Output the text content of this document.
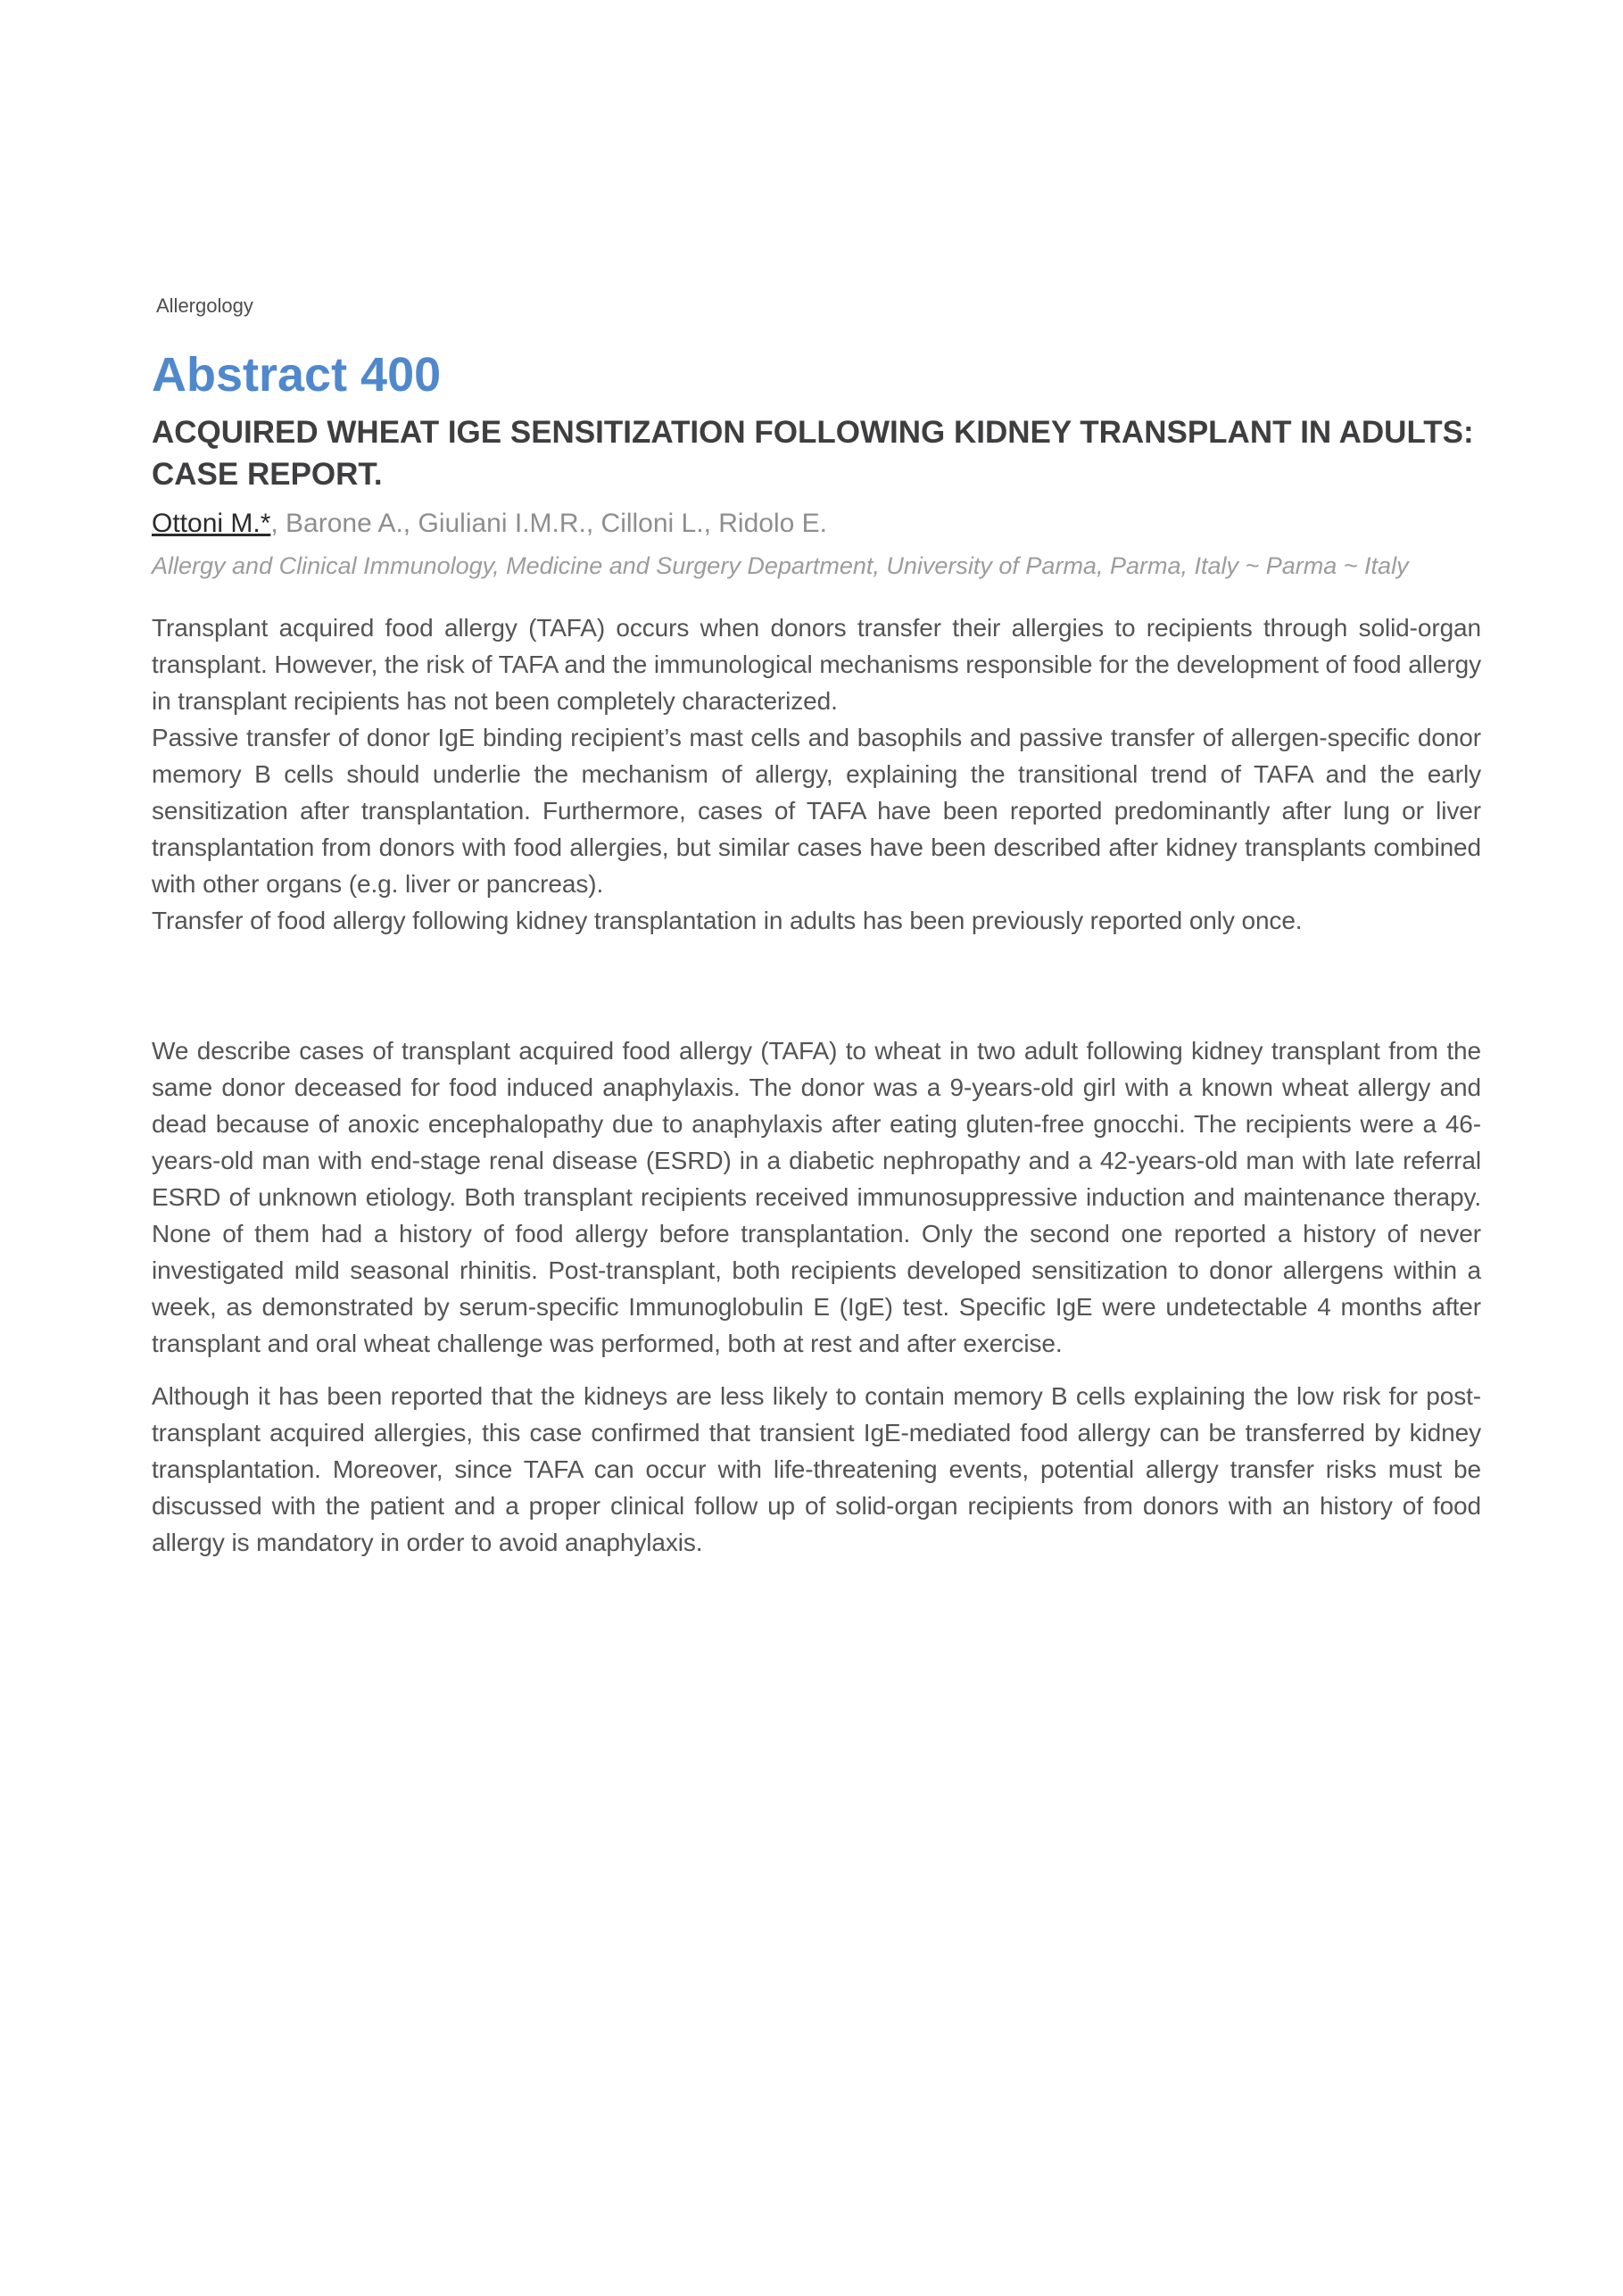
Allergology
Abstract 400
ACQUIRED WHEAT IGE SENSITIZATION FOLLOWING KIDNEY TRANSPLANT IN ADULTS:
CASE REPORT.

Ottoni M.*, Barone A., Giuliani I.M.R., Cilloni L., Ridolo E.

Allergy and Clinical Immunology, Medicine and Surgery Department, University of Parma, Parma, Italy ~ Parma ~ Italy

Transplant acquired food allergy (TAFA) occurs when donors transfer their allergies to recipients through solid-organ transplant. However, the risk of TAFA and the immunological mechanisms responsible for the development of food allergy in transplant recipients has not been completely characterized.

Passive transfer of donor IgE binding recipient’s mast cells and basophils and passive transfer of allergen-specific donor memory B cells should underlie the mechanism of allergy, explaining the transitional trend of TAFA and the early sensitization after transplantation. Furthermore, cases of TAFA have been reported predominantly after lung or liver transplantation from donors with food allergies, but similar cases have been described after kidney transplants combined with other organs (e.g. liver or pancreas).

Transfer of food allergy following kidney transplantation in adults has been previously reported only once.

We describe cases of transplant acquired food allergy (TAFA) to wheat in two adult following kidney transplant from the same donor deceased for food induced anaphylaxis. The donor was a 9-years-old girl with a known wheat allergy and dead because of anoxic encephalopathy due to anaphylaxis after eating gluten-free gnocchi. The recipients were a 46-years-old man with end-stage renal disease (ESRD) in a diabetic nephropathy and a 42-years-old man with late referral ESRD of unknown etiology. Both transplant recipients received immunosuppressive induction and maintenance therapy. None of them had a history of food allergy before transplantation. Only the second one reported a history of never investigated mild seasonal rhinitis. Post-transplant, both recipients developed sensitization to donor allergens within a week, as demonstrated by serum-specific Immunoglobulin E (IgE) test. Specific IgE were undetectable 4 months after transplant and oral wheat challenge was performed, both at rest and after exercise.

Although it has been reported that the kidneys are less likely to contain memory B cells explaining the low risk for post-transplant acquired allergies, this case confirmed that transient IgE-mediated food allergy can be transferred by kidney transplantation. Moreover, since TAFA can occur with life-threatening events, potential allergy transfer risks must be discussed with the patient and a proper clinical follow up of solid-organ recipients from donors with an history of food allergy is mandatory in order to avoid anaphylaxis.
